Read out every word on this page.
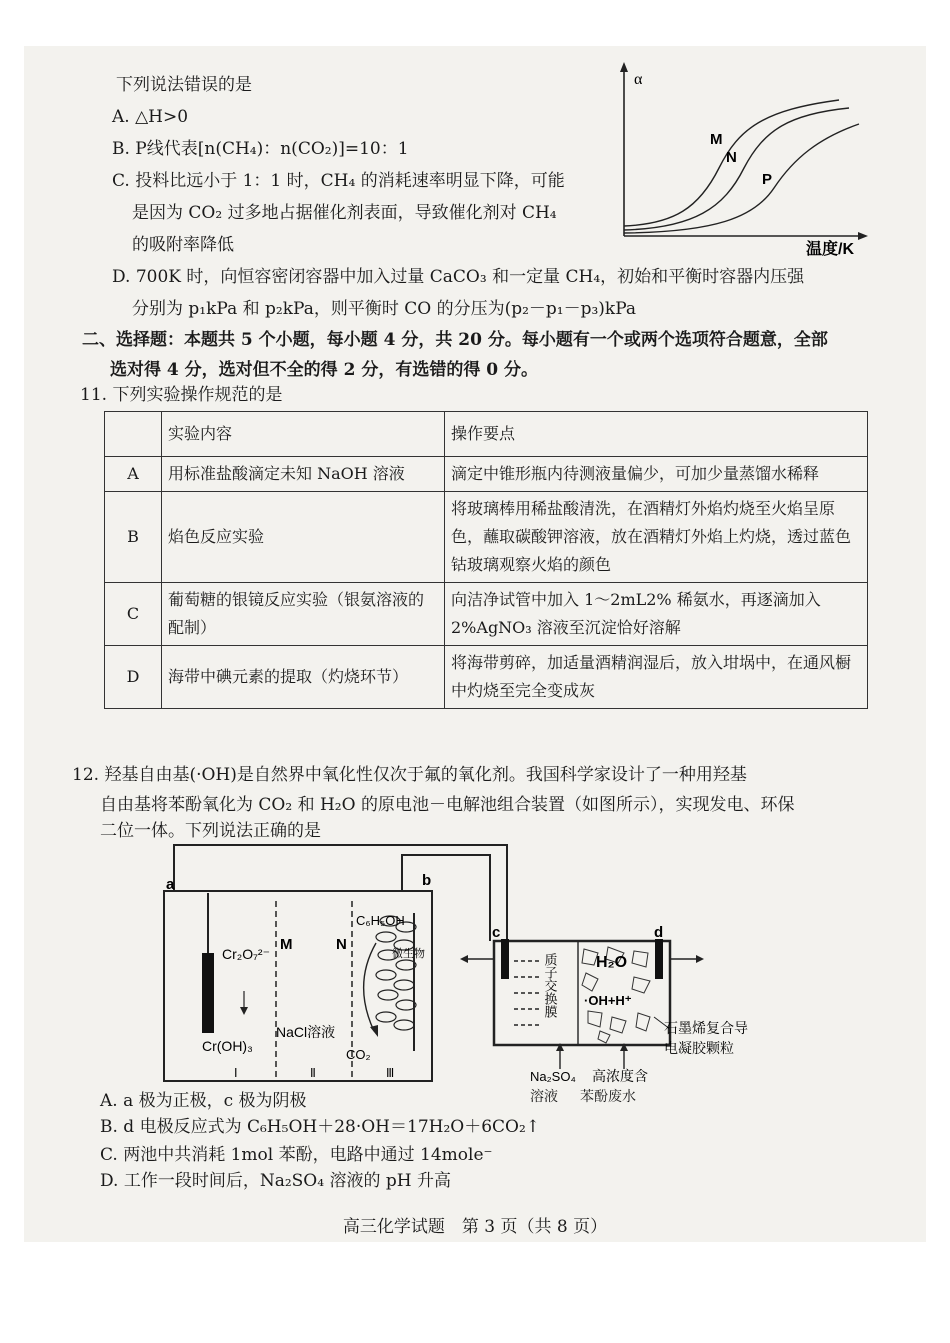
下列说法错误的是
A. △H>0
B. P线代表[n(CH₄)：n(CO₂)]=10：1
C. 投料比远小于 1：1 时，CH₄ 的消耗速率明显下降，可能
是因为 CO₂ 过多地占据催化剂表面，导致催化剂对 CH₄
的吸附率降低
D. 700K 时，向恒容密闭容器中加入过量 CaCO₃ 和一定量 CH₄，初始和平衡时容器内压强
分别为 p₁kPa 和 p₂kPa，则平衡时 CO 的分压为(p₂－p₁－p₃)kPa
α
温度/K
M
N
P
二、选择题：本题共 5 个小题，每小题 4 分，共 20 分。每小题有一个或两个选项符合题意，全部
选对得 4 分，选对但不全的得 2 分，有选错的得 0 分。
11. 下列实验操作规范的是
	实验内容	操作要点
A	用标准盐酸滴定未知 NaOH 溶液	滴定中锥形瓶内待测液量偏少，可加少量蒸馏水稀释
B	焰色反应实验	将玻璃棒用稀盐酸清洗，在酒精灯外焰灼烧至火焰呈原色，蘸取碳酸钾溶液，放在酒精灯外焰上灼烧，透过蓝色钴玻璃观察火焰的颜色
C	葡萄糖的银镜反应实验（银氨溶液的配制）	向洁净试管中加入 1～2mL2% 稀氨水，再逐滴加入 2%AgNO₃ 溶液至沉淀恰好溶解
D	海带中碘元素的提取（灼烧环节）	将海带剪碎，加适量酒精润湿后，放入坩埚中，在通风橱中灼烧至完全变成灰
12. 羟基自由基(·OH)是自然界中氧化性仅次于氟的氧化剂。我国科学家设计了一种用羟基
自由基将苯酚氧化为 CO₂ 和 H₂O 的原电池－电解池组合装置（如图所示），实现发电、环保
二位一体。下列说法正确的是
a	b
Cr₂O₇²⁻
Cr(OH)₃
M	N
NaCl溶液
C₆H₅OH
CO₂
微生物
Ⅰ	Ⅱ	Ⅲ
c	d
质子交换膜 H₂O
·OH+H⁺
石墨烯复合导
电凝胶颗粒
Na₂SO₄ 高浓度含
溶液 苯酚废水
A. a 极为正极，c 极为阴极
B. d 电极反应式为 C₆H₅OH＋28·OH＝17H₂O＋6CO₂↑
C. 两池中共消耗 1mol 苯酚，电路中通过 14mole⁻
D. 工作一段时间后，Na₂SO₄ 溶液的 pH 升高
高三化学试题　第 3 页（共 8 页）
